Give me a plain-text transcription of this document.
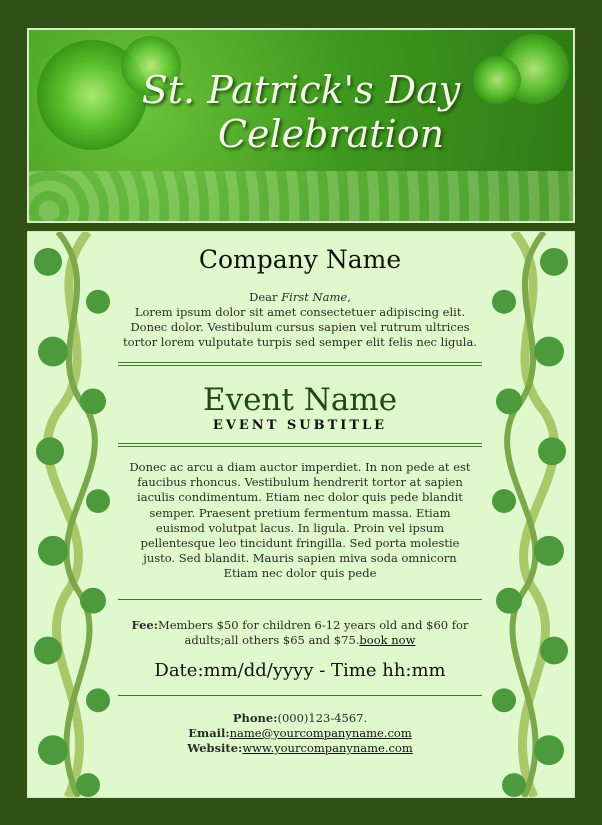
St. Patrick's Day
Celebration
Company Name
Dear First Name,
Lorem ipsum dolor sit amet consectetuer adipiscing elit. Donec dolor. Vestibulum cursus sapien vel rutrum ultrices tortor lorem vulputate turpis sed semper elit felis nec ligula.
Event Name
EVENT SUBTITLE
Donec ac arcu a diam auctor imperdiet. In non pede at est faucibus rhoncus. Vestibulum hendrerit tortor at sapien iaculis condimentum. Etiam nec dolor quis pede blandit semper. Praesent pretium fermentum massa. Etiam euismod volutpat lacus. In ligula. Proin vel ipsum pellentesque leo tincidunt fringilla. Sed porta molestie justo. Sed blandit. Mauris sapien miva soda omnicorn Etiam nec dolor quis pede
Fee:Members $50 for children 6-12 years old and $60 for adults;all others $65 and $75.book now
Date:mm/dd/yyyy - Time hh:mm
Phone:(000)123-4567.
Email:name@yourcompanyname.com
Website:www.yourcompanyname.com
